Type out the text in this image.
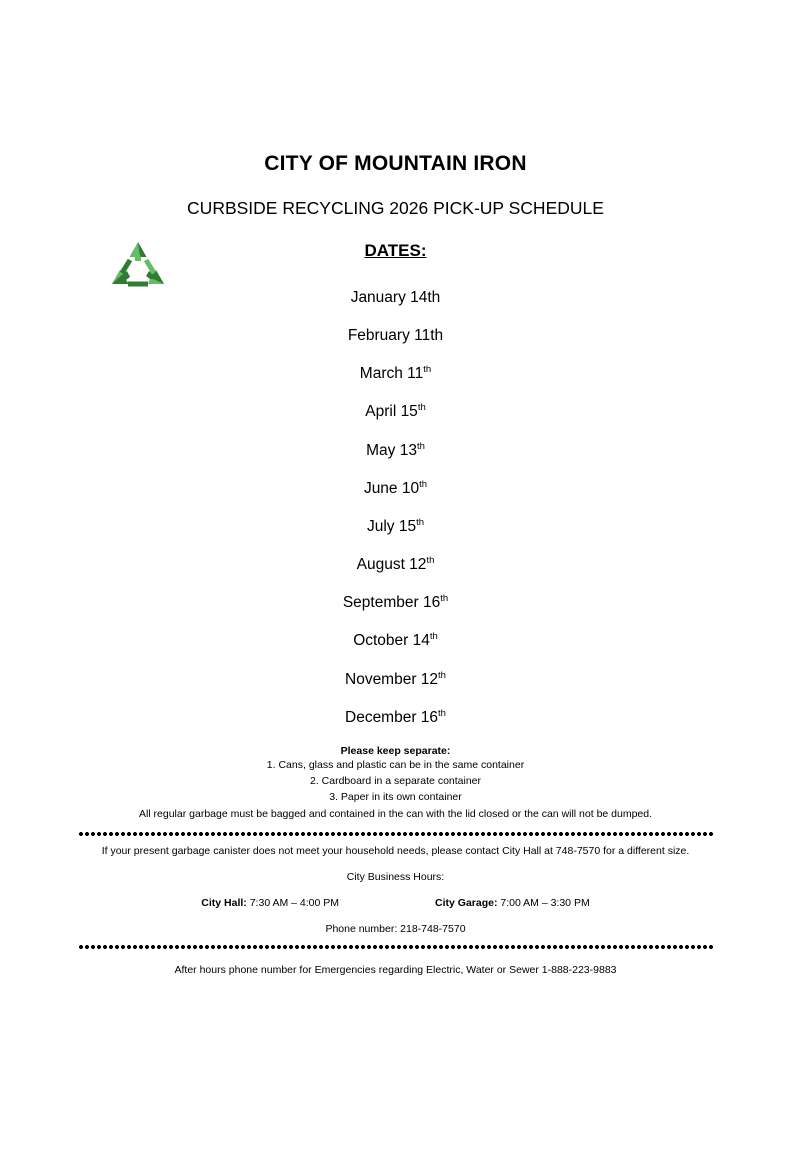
CITY OF MOUNTAIN IRON
CURBSIDE RECYCLING 2026 PICK-UP SCHEDULE
DATES:
January 14th
February 11th
March 11th
April 15th
May 13th
June 10th
July 15th
August 12th
September 16th
October 14th
November 12th
December 16th
Please keep separate:
1. Cans, glass and plastic can be in the same container
2. Cardboard in a separate container
3. Paper in its own container
All regular garbage must be bagged and contained in the can with the lid closed or the can will not be dumped.
If your present garbage canister does not meet your household needs, please contact City Hall at 748-7570 for a different size.
City Business Hours:
City Hall: 7:30 AM – 4:00 PM	City Garage: 7:00 AM – 3:30 PM
Phone number: 218-748-7570
After hours phone number for Emergencies regarding Electric, Water or Sewer 1-888-223-9883
